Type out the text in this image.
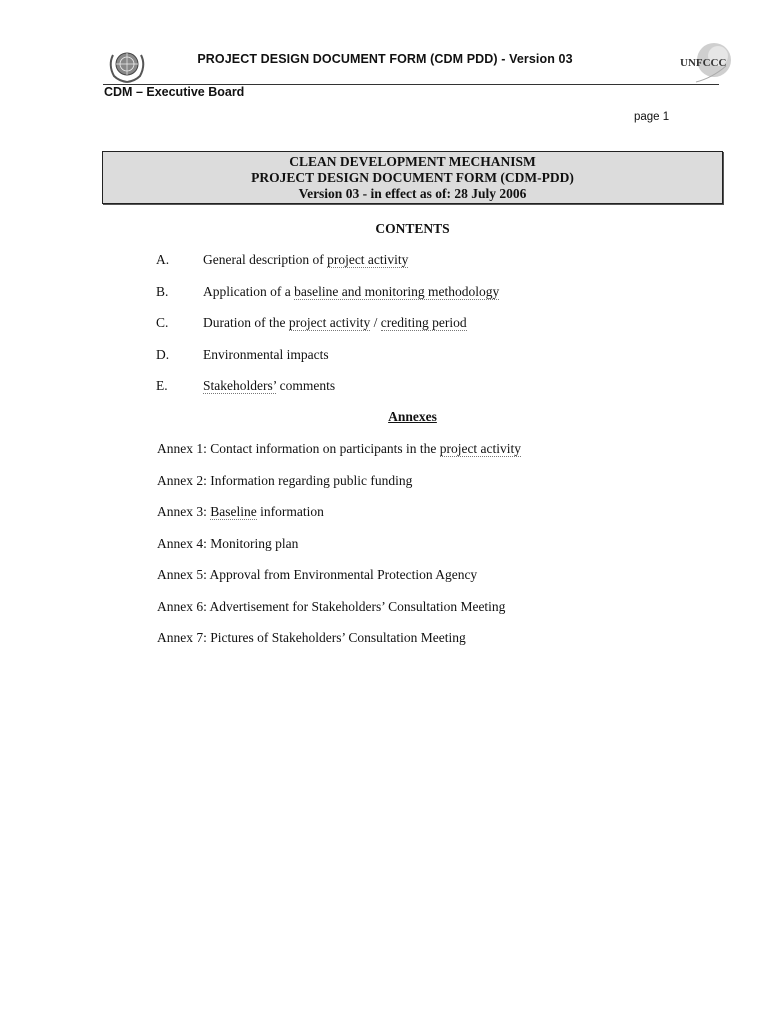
PROJECT DESIGN DOCUMENT FORM (CDM PDD) - Version 03	UNFCCC
CDM – Executive Board
page 1
CLEAN DEVELOPMENT MECHANISM
PROJECT DESIGN DOCUMENT FORM (CDM-PDD)
Version 03 - in effect as of: 28 July 2006
CONTENTS
A.	General description of project activity
B.	Application of a baseline and monitoring methodology
C.	Duration of the project activity / crediting period
D.	Environmental impacts
E.	Stakeholders’ comments
Annexes
Annex 1: Contact information on participants in the project activity
Annex 2: Information regarding public funding
Annex 3: Baseline information
Annex 4: Monitoring plan
Annex 5: Approval from Environmental Protection Agency
Annex 6: Advertisement for Stakeholders’ Consultation Meeting
Annex 7: Pictures of Stakeholders’ Consultation Meeting
